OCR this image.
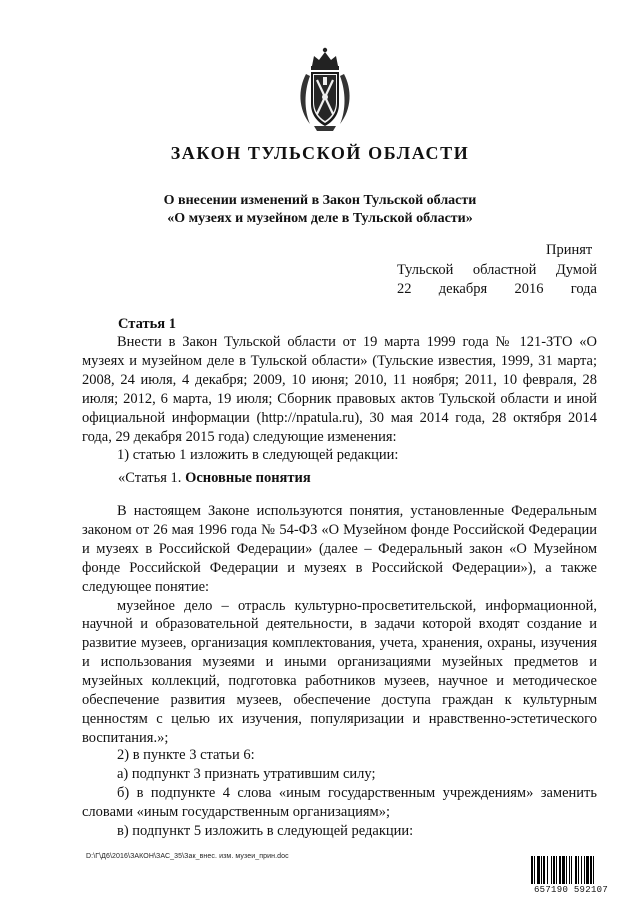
ЗАКОН ТУЛЬСКОЙ ОБЛАСТИ
О внесении изменений в Закон Тульской области
«О музеях и музейном деле в Тульской области»
Принят
Тульской областной Думой
22 декабря 2016 года
Статья 1

Внести в Закон Тульской области от 19 марта 1999 года № 121-ЗТО «О музеях и музейном деле в Тульской области» (Тульские известия, 1999, 31 марта; 2008, 24 июля, 4 декабря; 2009, 10 июня; 2010, 11 ноября; 2011, 10 февраля, 28 июля; 2012, 6 марта, 19 июля; Сборник правовых актов Тульской области и иной официальной информации (http://npatula.ru), 30 мая 2014 года, 28 октября 2014 года, 29 декабря 2015 года) следующие изменения:

1) статью 1 изложить в следующей редакции:

«Статья 1. Основные понятия

В настоящем Законе используются понятия, установленные Федеральным законом от 26 мая 1996 года № 54-ФЗ «О Музейном фонде Российской Федерации и музеях в Российской Федерации» (далее – Федеральный закон «О Музейном фонде Российской Федерации и музеях в Российской Федерации»), а также следующее понятие:

музейное дело – отрасль культурно-просветительской, информационной, научной и образовательной деятельности, в задачи которой входят создание и развитие музеев, организация комплектования, учета, хранения, охраны, изучения и использования музеями и иными организациями музейных предметов и музейных коллекций, подготовка работников музеев, научное и методическое обеспечение развития музеев, обеспечение доступа граждан к культурным ценностям с целью их изучения, популяризации и нравственно-эстетического воспитания.»;

2) в пункте 3 статьи 6:

а) подпункт 3 признать утратившим силу;

б) в подпункте 4 слова «иным государственным учреждениям» заменить словами «иным государственным организациям»;

в) подпункт 5 изложить в следующей редакции:

D:\Г\Д6\2016\ЗАКОН\ЗАС_35\Зак_внес. изм. музеи_прин.doc
657190 592107
